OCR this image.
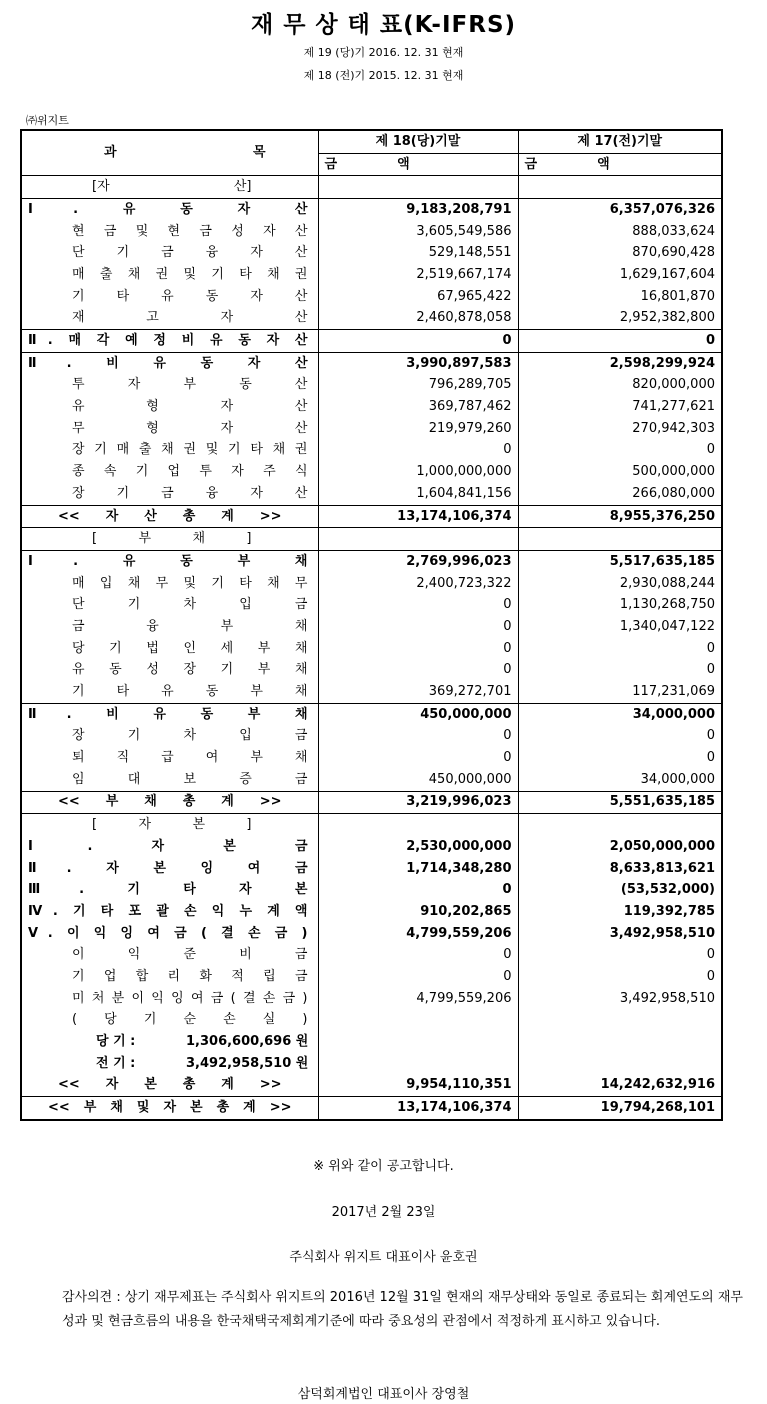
재 무 상 태 표(K-IFRS)
제 19 (당)기 2016. 12. 31 현재
제 18 (전)기 2015. 12. 31 현재
㈜위지트
과 목	제 18(당)기말	제 17(전)기말
	금액	금액
[자 산]		
Ⅰ. 유 동 자 산	9,183,208,791	6,357,076,326
현 금 및 현 금 성 자 산	3,605,549,586	888,033,624
단 기 금 융 자 산	529,148,551	870,690,428
매 출 채 권 및 기 타 채 권	2,519,667,174	1,629,167,604
기 타 유 동 자 산	67,965,422	16,801,870
재 고 자 산	2,460,878,058	2,952,382,800
Ⅱ. 매 각 예 정 비 유 동 자 산	0	0
Ⅱ. 비 유 동 자 산	3,990,897,583	2,598,299,924
투 자 부 동 산	796,289,705	820,000,000
유 형 자 산	369,787,462	741,277,621
무 형 자 산	219,979,260	270,942,303
장 기 매 출 채 권 및 기 타 채 권	0	0
종 속 기 업 투 자 주 식	1,000,000,000	500,000,000
장 기 금 융 자 산	1,604,841,156	266,080,000
<< 자 산 총 계 >>	13,174,106,374	8,955,376,250
[ 부 채 ]		
Ⅰ. 유 동 부 채	2,769,996,023	5,517,635,185
매 입 채 무 및 기 타 채 무	2,400,723,322	2,930,088,244
단 기 차 입 금	0	1,130,268,750
금 융 부 채	0	1,340,047,122
당 기 법 인 세 부 채	0	0
유 동 성 장 기 부 채	0	0
기 타 유 동 부 채	369,272,701	117,231,069
Ⅱ. 비 유 동 부 채	450,000,000	34,000,000
장 기 차 입 금	0	0
퇴 직 급 여 부 채	0	0
임 대 보 증 금	450,000,000	34,000,000
<< 부 채 총 계 >>	3,219,996,023	5,551,635,185
[ 자 본 ]		
Ⅰ. 자 본 금	2,530,000,000	2,050,000,000
Ⅱ. 자 본 잉 여 금	1,714,348,280	8,633,813,621
Ⅲ. 기 타 자 본	0	(53,532,000)
Ⅳ. 기 타 포 괄 손 익 누 계 액	910,202,865	119,392,785
Ⅴ. 이 익 잉 여 금 ( 결 손 금 )	4,799,559,206	3,492,958,510
이 익 준 비 금	0	0
기 업 합 리 화 적 립 금	0	0
미 처 분 이 익 잉 여 금 ( 결 손 금 )	4,799,559,206	3,492,958,510
( 당 기 순 손 실 )		

당 기 : 1,306,600,696 원		

전 기 : 3,492,958,510 원		

<< 자 본 총 계 >>	9,954,110,351	14,242,632,916
<< 부 채 및 자 본 총 계 >>	13,174,106,374	19,794,268,101
※ 위와 같이 공고합니다.
2017년 2월 23일
주식회사 위지트 대표이사 윤호권
감사의견 : 상기 재무제표는 주식회사 위지트의 2016년 12월 31일 현재의 재무상태와 동일로 종료되는 회계연도의 재무성과 및 현금흐름의 내용을 한국채택국제회계기준에 따라 중요성의 관점에서 적정하게 표시하고 있습니다.
삼덕회계법인 대표이사 장영철
